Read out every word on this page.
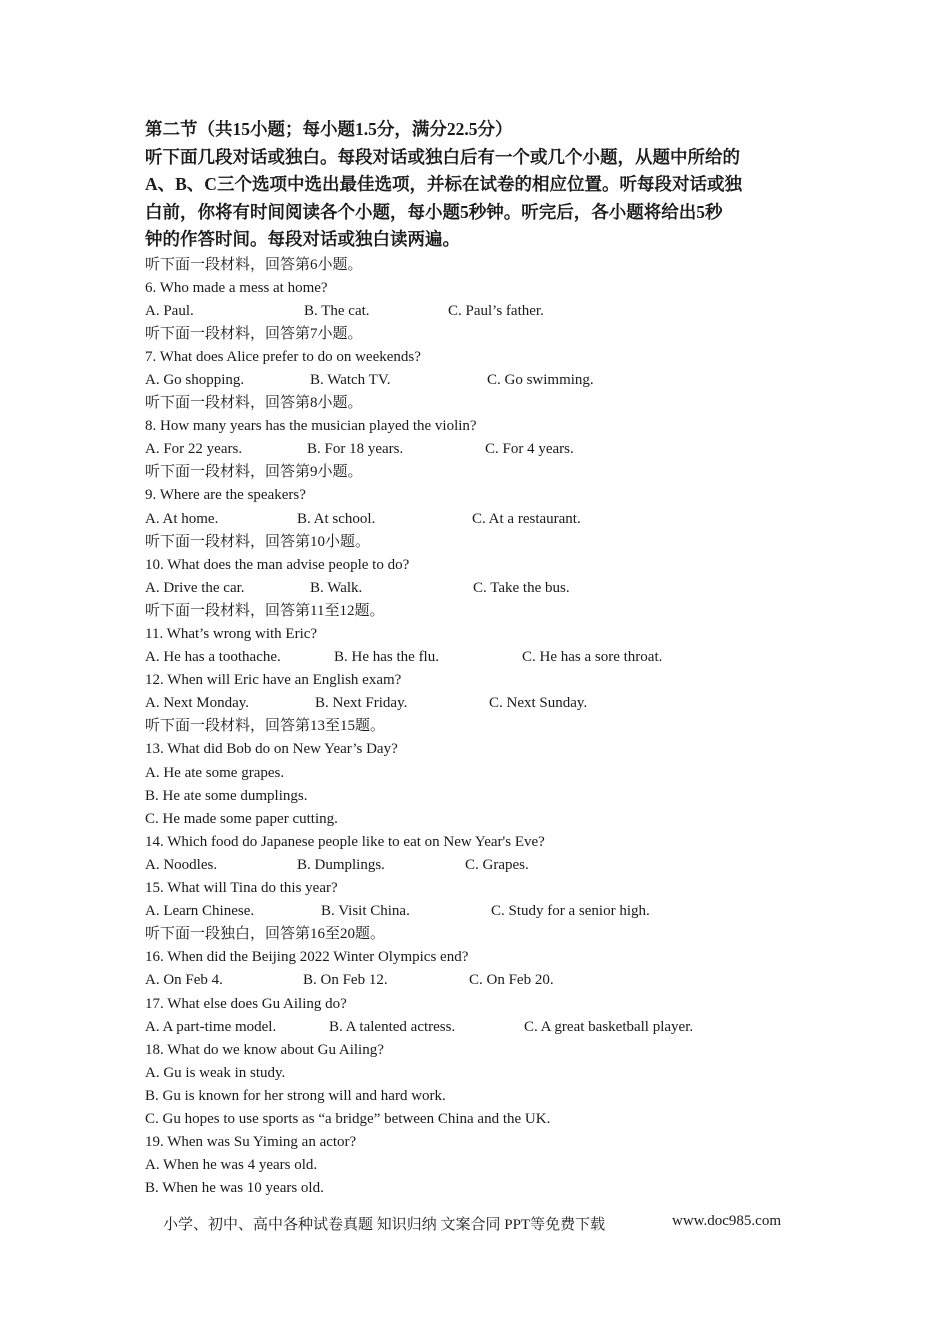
第二节（共15小题；每小题1.5分，满分22.5分）
听下面几段对话或独白。每段对话或独白后有一个或几个小题，从题中所给的
A、B、C三个选项中选出最佳选项，并标在试卷的相应位置。听每段对话或独
白前，你将有时间阅读各个小题，每小题5秒钟。听完后，各小题将给出5秒
钟的作答时间。每段对话或独白读两遍。
听下面一段材料，回答第6小题。
6. Who made a mess at home?
A. Paul.	B. The cat.	C. Paul’s father.
听下面一段材料，回答第7小题。
7. What does Alice prefer to do on weekends?
A. Go shopping.	B. Watch TV.	C. Go swimming.
听下面一段材料，回答第8小题。
8. How many years has the musician played the violin?
A. For 22 years.	B. For 18 years.	C. For 4 years.
听下面一段材料，回答第9小题。
9. Where are the speakers?
A. At home.	B. At school.	C. At a restaurant.
听下面一段材料，回答第10小题。
10. What does the man advise people to do?
A. Drive the car.	B. Walk.	C. Take the bus.
听下面一段材料，回答第11至12题。
11. What’s wrong with Eric?
A. He has a toothache.	B. He has the flu.	C. He has a sore throat.
12. When will Eric have an English exam?
A. Next Monday.	B. Next Friday.	C. Next Sunday.
听下面一段材料，回答第13至15题。
13. What did Bob do on New Year’s Day?
A. He ate some grapes.
B. He ate some dumplings.
C. He made some paper cutting.
14. Which food do Japanese people like to eat on New Year's Eve?
A. Noodles.	B. Dumplings.	C. Grapes.
15. What will Tina do this year?
A. Learn Chinese.	B. Visit China.	C. Study for a senior high.
听下面一段独白，回答第16至20题。
16. When did the Beijing 2022 Winter Olympics end?
A. On Feb 4.	B. On Feb 12.	C. On Feb 20.
17. What else does Gu Ailing do?
A. A part-time model.	B. A talented actress.	C. A great basketball player.
18. What do we know about Gu Ailing?
A. Gu is weak in study.
B. Gu is known for her strong will and hard work.
C. Gu hopes to use sports as “a bridge” between China and the UK.
19. When was Su Yiming an actor?
A. When he was 4 years old.
B. When he was 10 years old.
小学、初中、高中各种试卷真题 知识归纳 文案合同 PPT等免费下载	www.doc985.com
